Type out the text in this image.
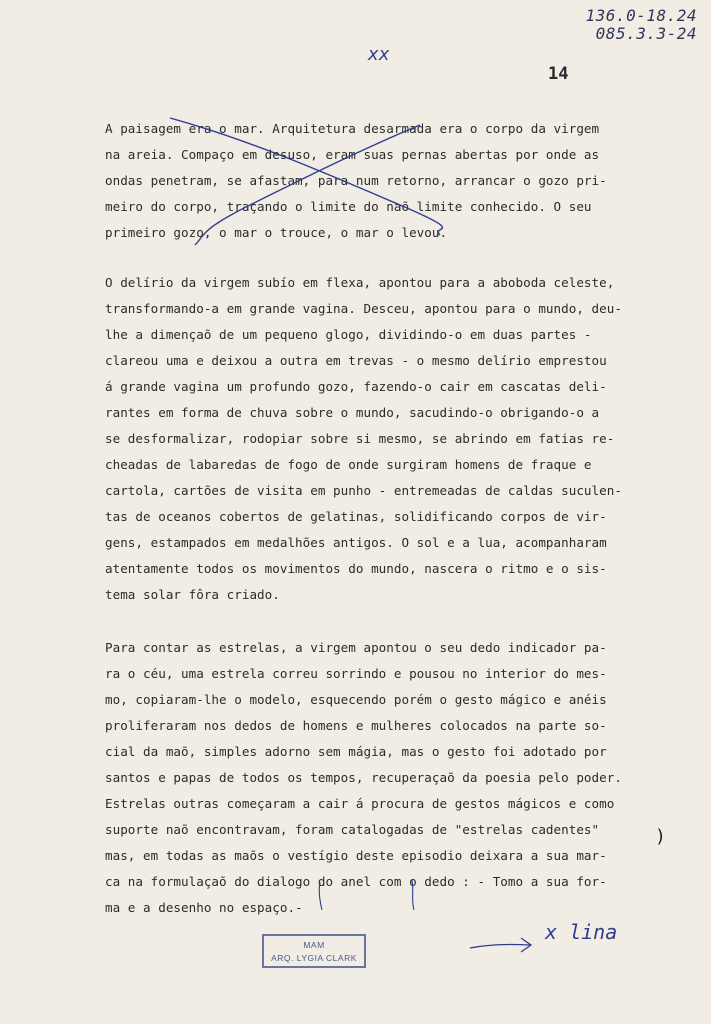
136.0-18.24
085.3.3-24
xx
14
A paisagem era o mar. Arquitetura desarmada era o corpo da virgem
na areia. Compaço em desuso, eram suas pernas abertas por onde as
ondas penetram, se afastam, para num retorno, arrancar o gozo pri-
meiro do corpo, traçando o limite do naõ limite conhecido. O seu
primeiro gozo, o mar o trouce, o mar o levou.
O delírio da virgem subío em flexa, apontou para a aboboda celeste,
transformando-a em grande vagina. Desceu, apontou para o mundo, deu-
lhe a dimençaõ de um pequeno glogo, dividindo-o em duas partes -
clareou uma e deixou a outra em trevas - o mesmo delírio emprestou
á grande vagina um profundo gozo, fazendo-o cair em cascatas deli-
rantes em forma de chuva sobre o mundo, sacudindo-o obrigando-o a
se desformalizar, rodopiar sobre si mesmo, se abrindo em fatias re-
cheadas de labaredas de fogo de onde surgiram homens de fraque e
cartola, cartões de visita em punho - entremeadas de caldas suculen-
tas de oceanos cobertos de gelatinas, solidificando corpos de vir-
gens, estampados em medalhões antigos. O sol e a lua, acompanharam
atentamente todos os movimentos do mundo, nascera o ritmo e o sis-
tema solar fôra criado.
Para contar as estrelas, a virgem apontou o seu dedo indicador pa-
ra o céu, uma estrela correu sorrindo e pousou no interior do mes-
mo, copiaram-lhe o modelo, esquecendo porém o gesto mágico e anéis
proliferaram nos dedos de homens e mulheres colocados na parte so-
cial da maõ, simples adorno sem mágia, mas o gesto foi adotado por
santos e papas de todos os tempos, recuperaçaõ da poesia pelo poder.
Estrelas outras começaram a cair á procura de gestos mágicos e como
suporte naõ encontravam, foram catalogadas de "estrelas cadentes"
mas, em todas as maõs o vestígio deste episodio deixara a sua mar-
ca na formulaçaõ do dialogo do anel com o dedo : - Tomo a sua for-
ma e a desenho no espaço.-
)
MAM
ARQ. LYGIA CLARK
x lina
